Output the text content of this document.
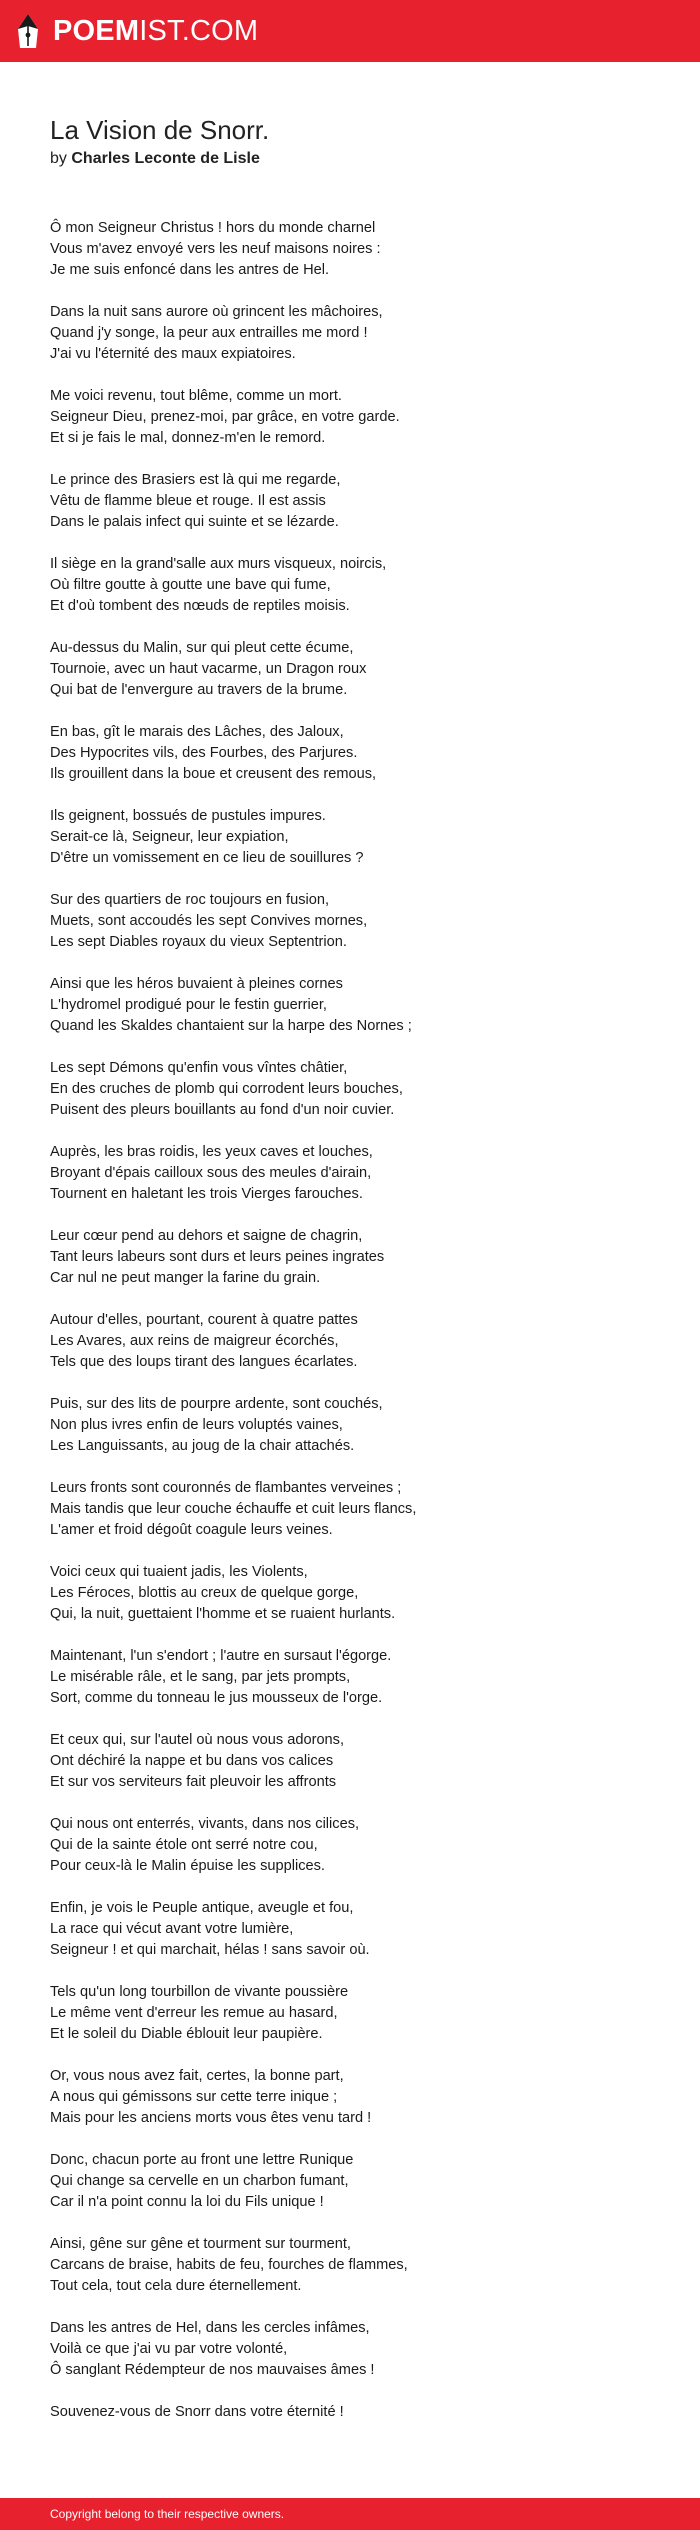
POEMIST.COM
La Vision de Snorr.
by Charles Leconte de Lisle
Ô mon Seigneur Christus ! hors du monde charnel
Vous m'avez envoyé vers les neuf maisons noires :
Je me suis enfoncé dans les antres de Hel.
Dans la nuit sans aurore où grincent les mâchoires,
Quand j'y songe, la peur aux entrailles me mord !
J'ai vu l'éternité des maux expiatoires.
Me voici revenu, tout blême, comme un mort.
Seigneur Dieu, prenez-moi, par grâce, en votre garde.
Et si je fais le mal, donnez-m'en le remord.
Le prince des Brasiers est là qui me regarde,
Vêtu de flamme bleue et rouge. Il est assis
Dans le palais infect qui suinte et se lézarde.
Il siège en la grand'salle aux murs visqueux, noircis,
Où filtre goutte à goutte une bave qui fume,
Et d'où tombent des nœuds de reptiles moisis.
Au-dessus du Malin, sur qui pleut cette écume,
Tournoie, avec un haut vacarme, un Dragon roux
Qui bat de l'envergure au travers de la brume.
En bas, gît le marais des Lâches, des Jaloux,
Des Hypocrites vils, des Fourbes, des Parjures.
Ils grouillent dans la boue et creusent des remous,
Ils geignent, bossués de pustules impures.
Serait-ce là, Seigneur, leur expiation,
D'être un vomissement en ce lieu de souillures ?
Sur des quartiers de roc toujours en fusion,
Muets, sont accoudés les sept Convives mornes,
Les sept Diables royaux du vieux Septentrion.
Ainsi que les héros buvaient à pleines cornes
L'hydromel prodigué pour le festin guerrier,
Quand les Skaldes chantaient sur la harpe des Nornes ;
Les sept Démons qu'enfin vous vîntes châtier,
En des cruches de plomb qui corrodent leurs bouches,
Puisent des pleurs bouillants au fond d'un noir cuvier.
Auprès, les bras roidis, les yeux caves et louches,
Broyant d'épais cailloux sous des meules d'airain,
Tournent en haletant les trois Vierges farouches.
Leur cœur pend au dehors et saigne de chagrin,
Tant leurs labeurs sont durs et leurs peines ingrates
Car nul ne peut manger la farine du grain.
Autour d'elles, pourtant, courent à quatre pattes
Les Avares, aux reins de maigreur écorchés,
Tels que des loups tirant des langues écarlates.
Puis, sur des lits de pourpre ardente, sont couchés,
Non plus ivres enfin de leurs voluptés vaines,
Les Languissants, au joug de la chair attachés.
Leurs fronts sont couronnés de flambantes verveines ;
Mais tandis que leur couche échauffe et cuit leurs flancs,
L'amer et froid dégoût coagule leurs veines.
Voici ceux qui tuaient jadis, les Violents,
Les Féroces, blottis au creux de quelque gorge,
Qui, la nuit, guettaient l'homme et se ruaient hurlants.
Maintenant, l'un s'endort ; l'autre en sursaut l'égorge.
Le misérable râle, et le sang, par jets prompts,
Sort, comme du tonneau le jus mousseux de l'orge.
Et ceux qui, sur l'autel où nous vous adorons,
Ont déchiré la nappe et bu dans vos calices
Et sur vos serviteurs fait pleuvoir les affronts
Qui nous ont enterrés, vivants, dans nos cilices,
Qui de la sainte étole ont serré notre cou,
Pour ceux-là le Malin épuise les supplices.
Enfin, je vois le Peuple antique, aveugle et fou,
La race qui vécut avant votre lumière,
Seigneur ! et qui marchait, hélas ! sans savoir où.
Tels qu'un long tourbillon de vivante poussière
Le même vent d'erreur les remue au hasard,
Et le soleil du Diable éblouit leur paupière.
Or, vous nous avez fait, certes, la bonne part,
A nous qui gémissons sur cette terre inique ;
Mais pour les anciens morts vous êtes venu tard !
Donc, chacun porte au front une lettre Runique
Qui change sa cervelle en un charbon fumant,
Car il n'a point connu la loi du Fils unique !
Ainsi, gêne sur gêne et tourment sur tourment,
Carcans de braise, habits de feu, fourches de flammes,
Tout cela, tout cela dure éternellement.
Dans les antres de Hel, dans les cercles infâmes,
Voilà ce que j'ai vu par votre volonté,
Ô sanglant Rédempteur de nos mauvaises âmes !
Souvenez-vous de Snorr dans votre éternité !
Copyright belong to their respective owners.
